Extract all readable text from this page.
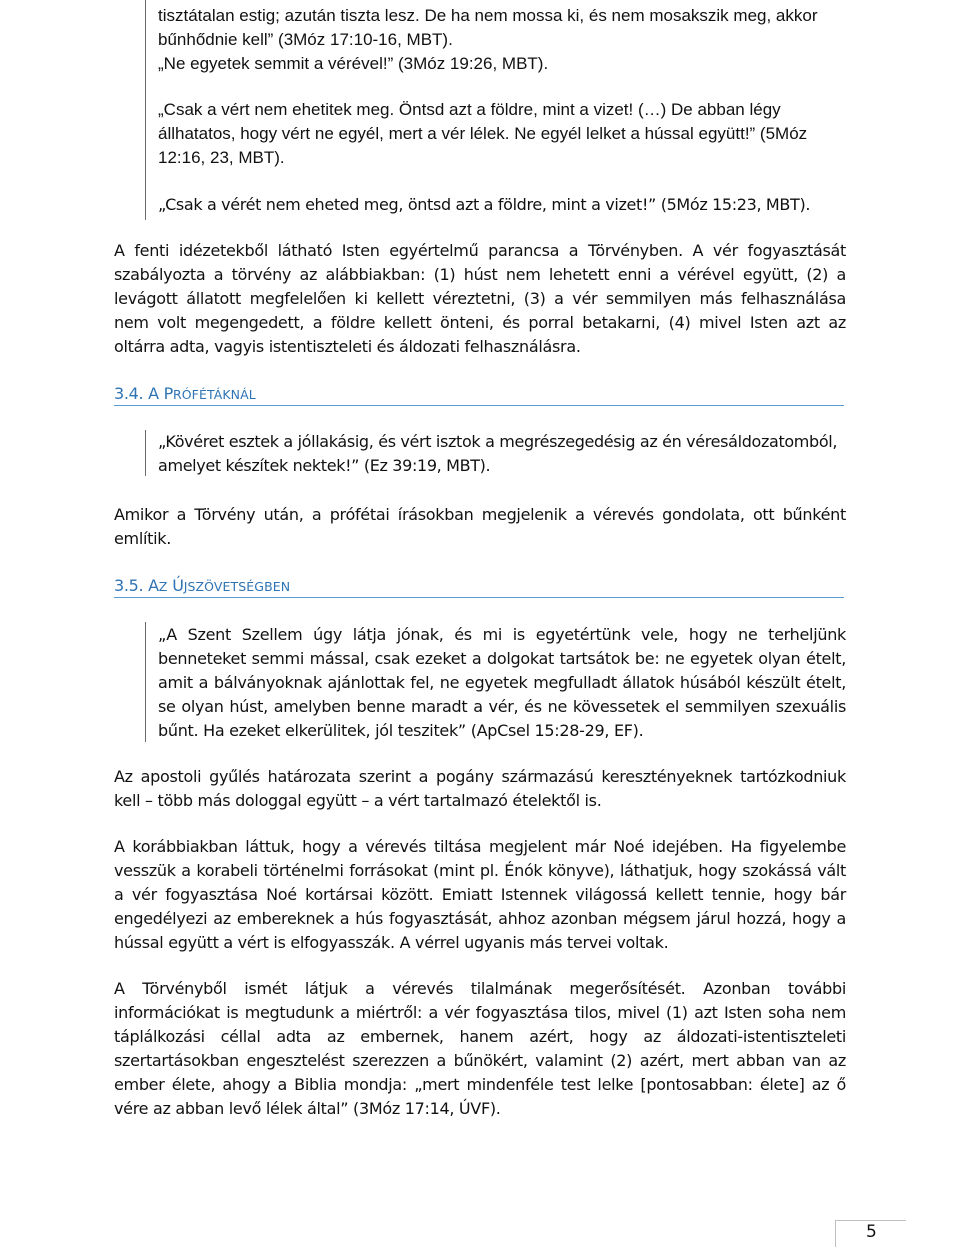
tisztátalan estig; azután tiszta lesz. De ha nem mossa ki, és nem mosakszik meg, akkor
bűnhődnie kell” (3Móz 17:10-16, MBT).
„Ne egyetek semmit a vérével!” (3Móz 19:26, MBT).
„Csak a vért nem ehetitek meg. Öntsd azt a földre, mint a vizet! (…) De abban légy
állhatatos, hogy vért ne egyél, mert a vér lélek. Ne egyél lelket a hússal együtt!” (5Móz
12:16, 23, MBT).
„Csak a vérét nem eheted meg, öntsd azt a földre, mint a vizet!” (5Móz 15:23, MBT).
A fenti idézetekből látható Isten egyértelmű parancsa a Törvényben. A vér fogyasztását
szabályozta a törvény az alábbiakban: (1) húst nem lehetett enni a vérével együtt, (2) a
levágott állatott megfelelően ki kellett véreztetni, (3) a vér semmilyen más felhasználása
nem volt megengedett, a földre kellett önteni, és porral betakarni, (4) mivel Isten azt az
oltárra adta, vagyis istentiszteleti és áldozati felhasználásra.
3.4. A PRÓFÉTÁKNÁL
„Kövéret esztek a jóllakásig, és vért isztok a megrészegedésig az én véresáldozatomból,
amelyet készítek nektek!” (Ez 39:19, MBT).
Amikor a Törvény után, a prófétai írásokban megjelenik a vérevés gondolata, ott bűnként
említik.
3.5. AZ ÚJSZÖVETSÉGBEN
„A Szent Szellem úgy látja jónak, és mi is egyetértünk vele, hogy ne terheljünk
benneteket semmi mással, csak ezeket a dolgokat tartsátok be: ne egyetek olyan ételt,
amit a bálványoknak ajánlottak fel, ne egyetek megfulladt állatok húsából készült ételt,
se olyan húst, amelyben benne maradt a vér, és ne kövessetek el semmilyen szexuális
bűnt. Ha ezeket elkerülitek, jól teszitek” (ApCsel 15:28-29, EF).
Az apostoli gyűlés határozata szerint a pogány származású keresztényeknek tartózkodniuk
kell – több más dologgal együtt – a vért tartalmazó ételektől is.
A korábbiakban láttuk, hogy a vérevés tiltása megjelent már Noé idejében. Ha figyelembe
vesszük a korabeli történelmi forrásokat (mint pl. Énók könyve), láthatjuk, hogy szokássá vált
a vér fogyasztása Noé kortársai között. Emiatt Istennek világossá kellett tennie, hogy bár
engedélyezi az embereknek a hús fogyasztását, ahhoz azonban mégsem járul hozzá, hogy a
hússal együtt a vért is elfogyasszák. A vérrel ugyanis más tervei voltak.
A Törvényből ismét látjuk a vérevés tilalmának megerősítését. Azonban további
információkat is megtudunk a miértről: a vér fogyasztása tilos, mivel (1) azt Isten soha nem
táplálkozási céllal adta az embernek, hanem azért, hogy az áldozati-istentiszteleti
szertartásokban engesztelést szerezzen a bűnökért, valamint (2) azért, mert abban van az
ember élete, ahogy a Biblia mondja: „mert mindenféle test lelke [pontosabban: élete] az ő
vére az abban levő lélek által” (3Móz 17:14, ÚVF).
5
